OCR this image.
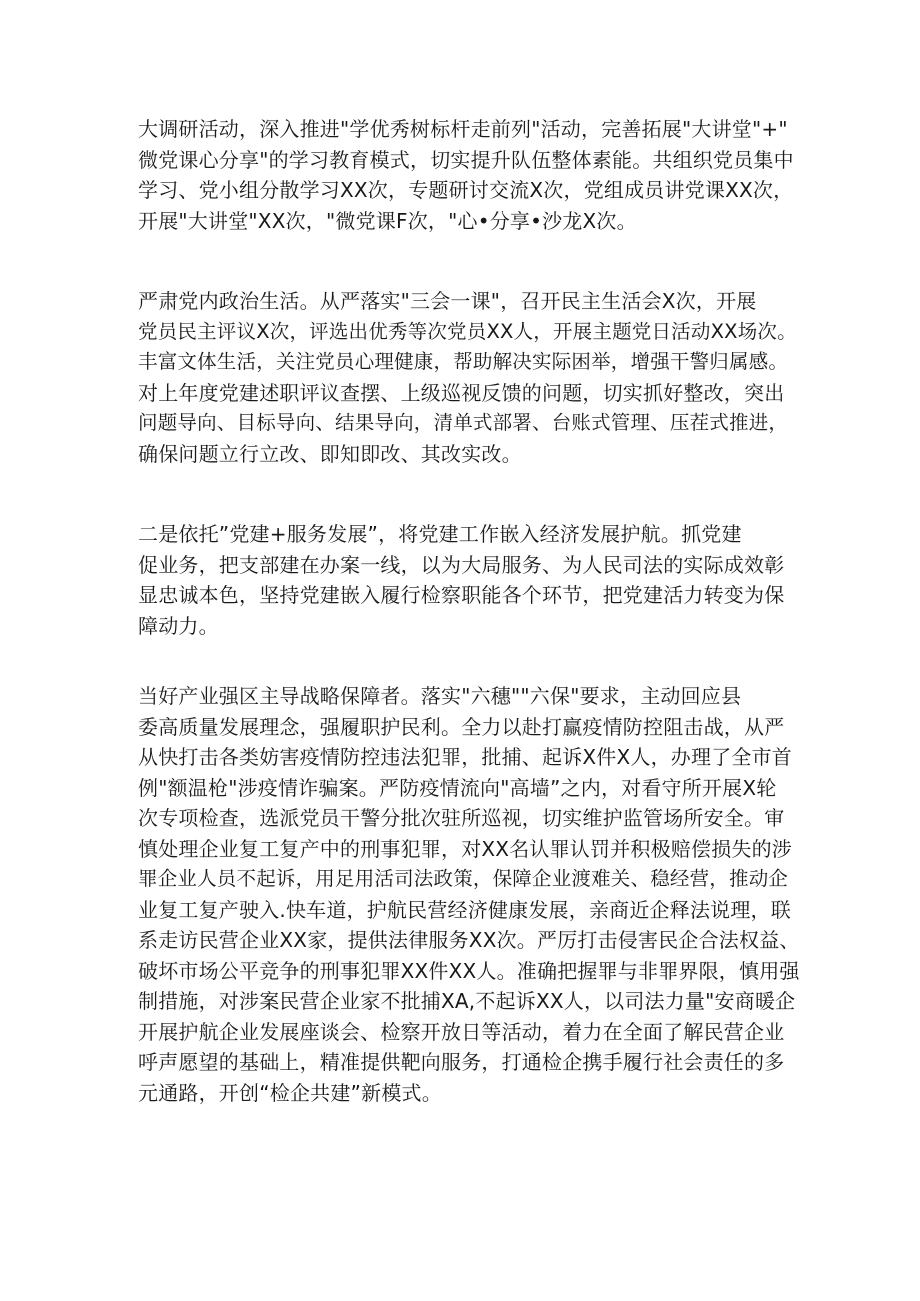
大调研活动，深入推进"学优秀树标杆走前列"活动，完善拓展"大讲堂"+"
微党课心分享"的学习教育模式，切实提升队伍整体素能。共组织党员集中
学习、党小组分散学习XX次，专题研讨交流X次，党组成员讲党课XX次，
开展"大讲堂"XX次，"微党课F次，"心•分享•沙龙X次。

严肃党内政治生活。从严落实"三会一课"，召开民主生活会X次，开展
党员民主评议X次，评选出优秀等次党员XX人，开展主题党日活动XX场次。
丰富文体生活，关注党员心理健康，帮助解决实际困举，增强干警归属感。
对上年度党建述职评议查摆、上级巡视反馈的问题，切实抓好整改，突出
问题导向、目标导向、结果导向，清单式部署、台账式管理、压茬式推进，
确保问题立行立改、即知即改、其改实改。

二是依托”党建+服务发展”，将党建工作嵌入经济发展护航。抓党建
促业务，把支部建在办案一线，以为大局服务、为人民司法的实际成效彰
显忠诚本色，坚持党建嵌入履行检察职能各个环节，把党建活力转变为保
障动力。

当好产业强区主导战略保障者。落实"六穗""六保"要求，主动回应县
委高质量发展理念，强履职护民利。全力以赴打赢疫情防控阻击战，从严
从快打击各类妨害疫情防控违法犯罪，批捕、起诉X件X人，办理了全市首
例"额温枪"涉疫情诈骗案。严防疫情流向"高墙”之内，对看守所开展X轮
次专项检查，选派党员干警分批次驻所巡视，切实维护监管场所安全。审
慎处理企业复工复产中的刑事犯罪，对XX名认罪认罚并积极赔偿损失的涉
罪企业人员不起诉，用足用活司法政策，保障企业渡难关、稳经营，推动企
业复工复产驶入.快车道，护航民营经济健康发展，亲商近企释法说理，联
系走访民营企业XX家，提供法律服务XX次。严厉打击侵害民企合法权益、
破坏市场公平竞争的刑事犯罪XX件XX人。准确把握罪与非罪界限，慎用强
制措施，对涉案民营企业家不批捕XA,不起诉XX人，以司法力量"安商暖企
开展护航企业发展座谈会、检察开放日等活动，着力在全面了解民营企业
呼声愿望的基础上，精准提供靶向服务，打通检企携手履行社会责任的多
元通路，开创“检企共建”新模式。
